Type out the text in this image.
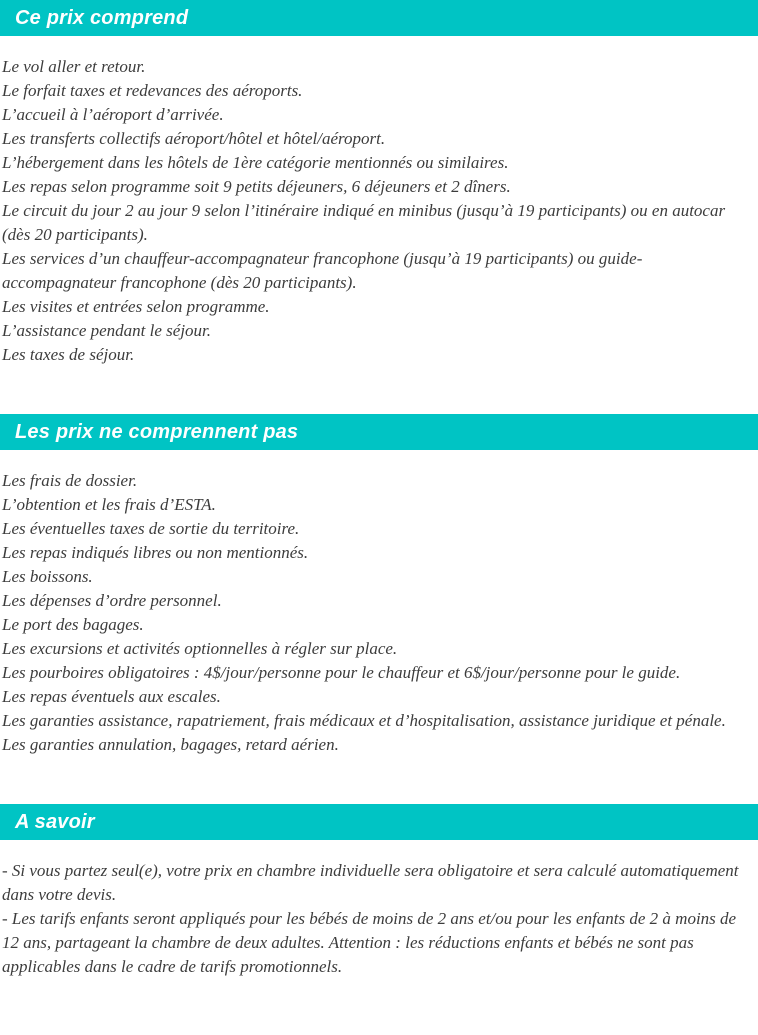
Ce prix comprend

Le vol aller et retour.

Le forfait taxes et redevances des aéroports.

L’accueil à l’aéroport d’arrivée.

Les transferts collectifs aéroport/hôtel et hôtel/aéroport.

L’hébergement dans les hôtels de 1ère catégorie mentionnés ou similaires.

Les repas selon programme soit 9 petits déjeuners, 6 déjeuners et 2 dîners.

Le circuit du jour 2 au jour 9 selon l’itinéraire indiqué en minibus (jusqu’à 19 participants) ou en autocar (dès 20 participants).

Les services d’un chauffeur-accompagnateur francophone (jusqu’à 19 participants) ou guide-accompagnateur francophone (dès 20 participants).

Les visites et entrées selon programme.

L’assistance pendant le séjour.

Les taxes de séjour.

Les prix ne comprennent pas

Les frais de dossier.

L’obtention et les frais d’ESTA.

Les éventuelles taxes de sortie du territoire.

Les repas indiqués libres ou non mentionnés.

Les boissons.

Les dépenses d’ordre personnel.

Le port des bagages.

Les excursions et activités optionnelles à régler sur place.

Les pourboires obligatoires : 4$/jour/personne pour le chauffeur et 6$/jour/personne pour le guide.

Les repas éventuels aux escales.

Les garanties assistance, rapatriement, frais médicaux et d’hospitalisation, assistance juridique et pénale.

Les garanties annulation, bagages, retard aérien.

A savoir

- Si vous partez seul(e), votre prix en chambre individuelle sera obligatoire et sera calculé automatiquement dans votre devis.

- Les tarifs enfants seront appliqués pour les bébés de moins de 2 ans et/ou pour les enfants de 2 à moins de 12 ans, partageant la chambre de deux adultes. Attention : les réductions enfants et bébés ne sont pas applicables dans le cadre de tarifs promotionnels.
